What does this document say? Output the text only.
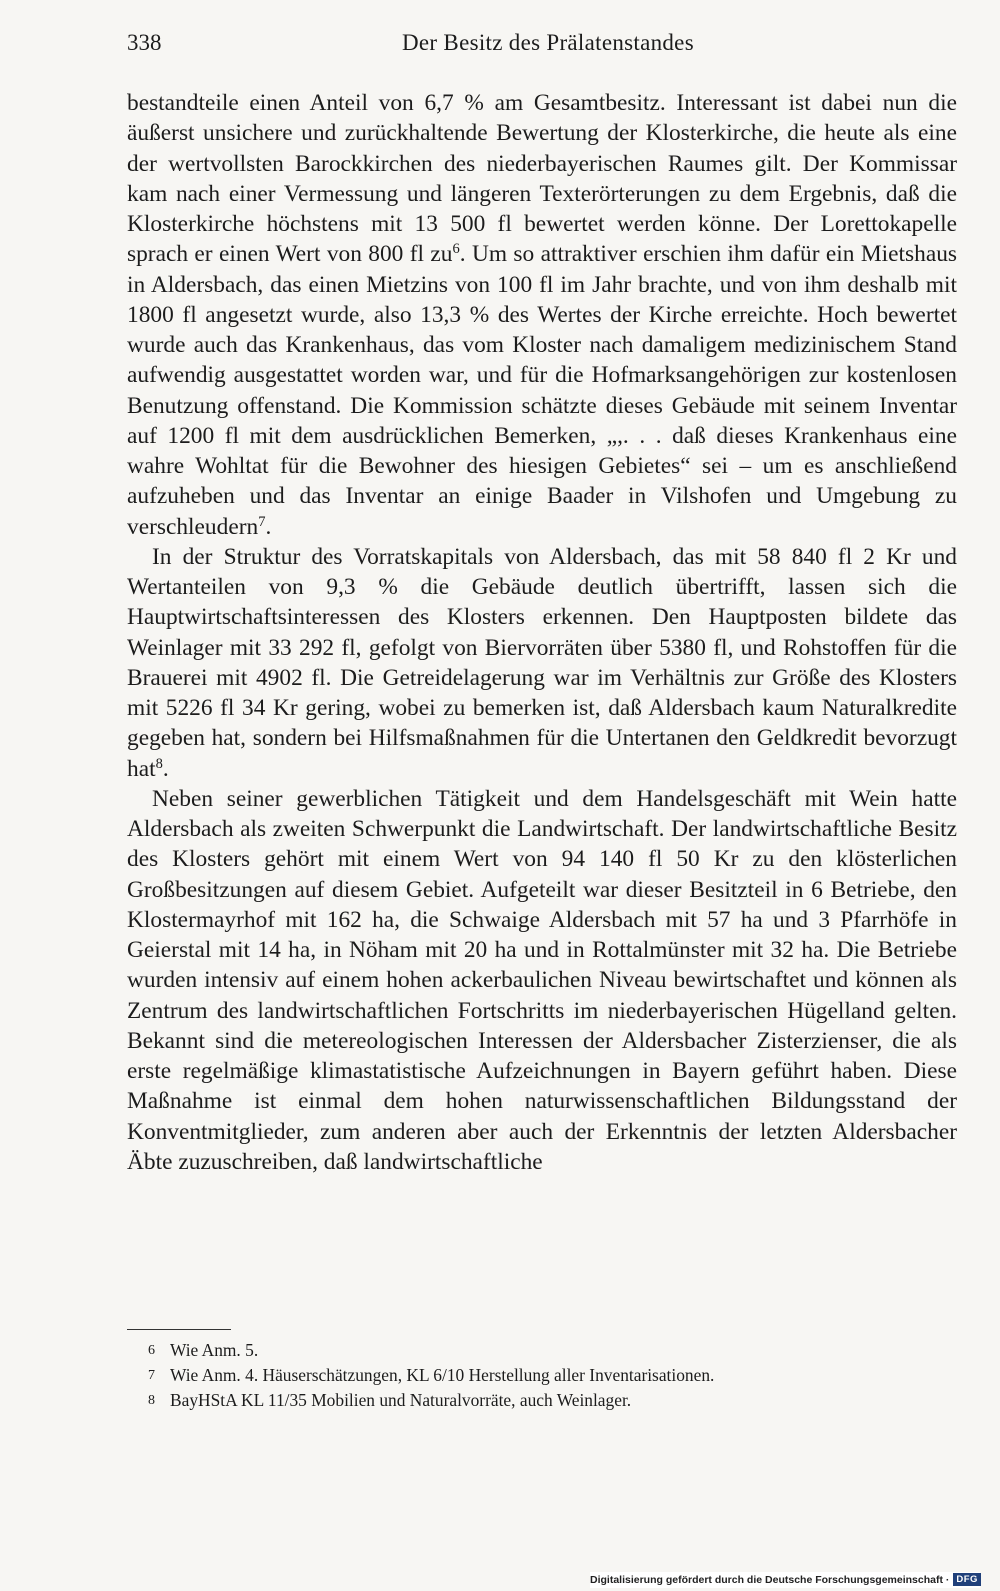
338	Der Besitz des Prälatenstandes

bestandteile einen Anteil von 6,7 % am Gesamtbesitz. Interessant ist dabei nun die äußerst unsichere und zurückhaltende Bewertung der Klosterkirche, die heute als eine der wertvollsten Barockkirchen des niederbayerischen Raumes gilt. Der Kommissar kam nach einer Vermessung und längeren Texterörterungen zu dem Ergebnis, daß die Klosterkirche höchstens mit 13 500 fl bewertet werden könne. Der Lorettokapelle sprach er einen Wert von 800 fl $zu^6$. Um so attraktiver erschien ihm dafür ein Mietshaus in Aldersbach, das einen Mietzins von 100 fl im Jahr brachte, und von ihm deshalb mit 1800 fl angesetzt wurde, also 13,3 % des Wertes der Kirche erreichte. Hoch bewertet wurde auch das Krankenhaus, das vom Kloster nach damaligem medizinischem Stand aufwendig ausgestattet worden war, und für die Hofmarksangehörigen zur kostenlosen Benutzung offenstand. Die Kommission schätzte dieses Gebäude mit seinem Inventar auf 1200 fl mit dem ausdrücklichen Bemerken, „,. . . daß dieses Krankenhaus eine wahre Wohltat für die Bewohner des hiesigen Gebietes“ sei – um es anschließend aufzuheben und das Inventar an einige Baader in Vilshofen und Umgebung zu verschleudern$^7$.

In der Struktur des Vorratskapitals von Aldersbach, das mit 58 840 fl 2 Kr und Wertanteilen von 9,3 % die Gebäude deutlich übertrifft, lassen sich die Hauptwirtschaftsinteressen des Klosters erkennen. Den Hauptposten bildete das Weinlager mit 33 292 fl, gefolgt von Biervorräten über 5380 fl, und Rohstoffen für die Brauerei mit 4902 fl. Die Getreidelagerung war im Verhältnis zur Größe des Klosters mit 5226 fl 34 Kr gering, wobei zu bemerken ist, daß Aldersbach kaum Naturalkredite gegeben hat, sondern bei Hilfsmaßnahmen für die Untertanen den Geldkredit bevorzugt hat$^8$.

Neben seiner gewerblichen Tätigkeit und dem Handelsgeschäft mit Wein hatte Aldersbach als zweiten Schwerpunkt die Landwirtschaft. Der landwirtschaftliche Besitz des Klosters gehört mit einem Wert von 94 140 fl 50 Kr zu den klösterlichen Großbesitzungen auf diesem Gebiet. Aufgeteilt war dieser Besitzteil in 6 Betriebe, den Klostermayrhof mit 162 ha, die Schwaige Aldersbach mit 57 ha und 3 Pfarrhöfe in Geierstal mit 14 ha, in Nöham mit 20 ha und in Rottalmünster mit 32 ha. Die Betriebe wurden intensiv auf einem hohen ackerbaulichen Niveau bewirtschaftet und können als Zentrum des landwirtschaftlichen Fortschritts im niederbayerischen Hügelland gelten. Bekannt sind die metereologischen Interessen der Aldersbacher Zisterzienser, die als erste regelmäßige klimastatistische Aufzeichnungen in Bayern geführt haben. Diese Maßnahme ist einmal dem hohen naturwissenschaftlichen Bildungsstand der Konventmitglieder, zum anderen aber auch der Erkenntnis der letzten Aldersbacher Äbte zuzuschreiben, daß landwirtschaftliche

6 Wie Anm. 5.
7 Wie Anm. 4. Häuserschätzungen, KL 6/10 Herstellung aller Inventarisationen.
8 BayHStA KL 11/35 Mobilien und Naturalvorräte, auch Weinlager.
Digitalisierung gefördert durch die Deutsche Forschungsgemeinschaft · DFG
